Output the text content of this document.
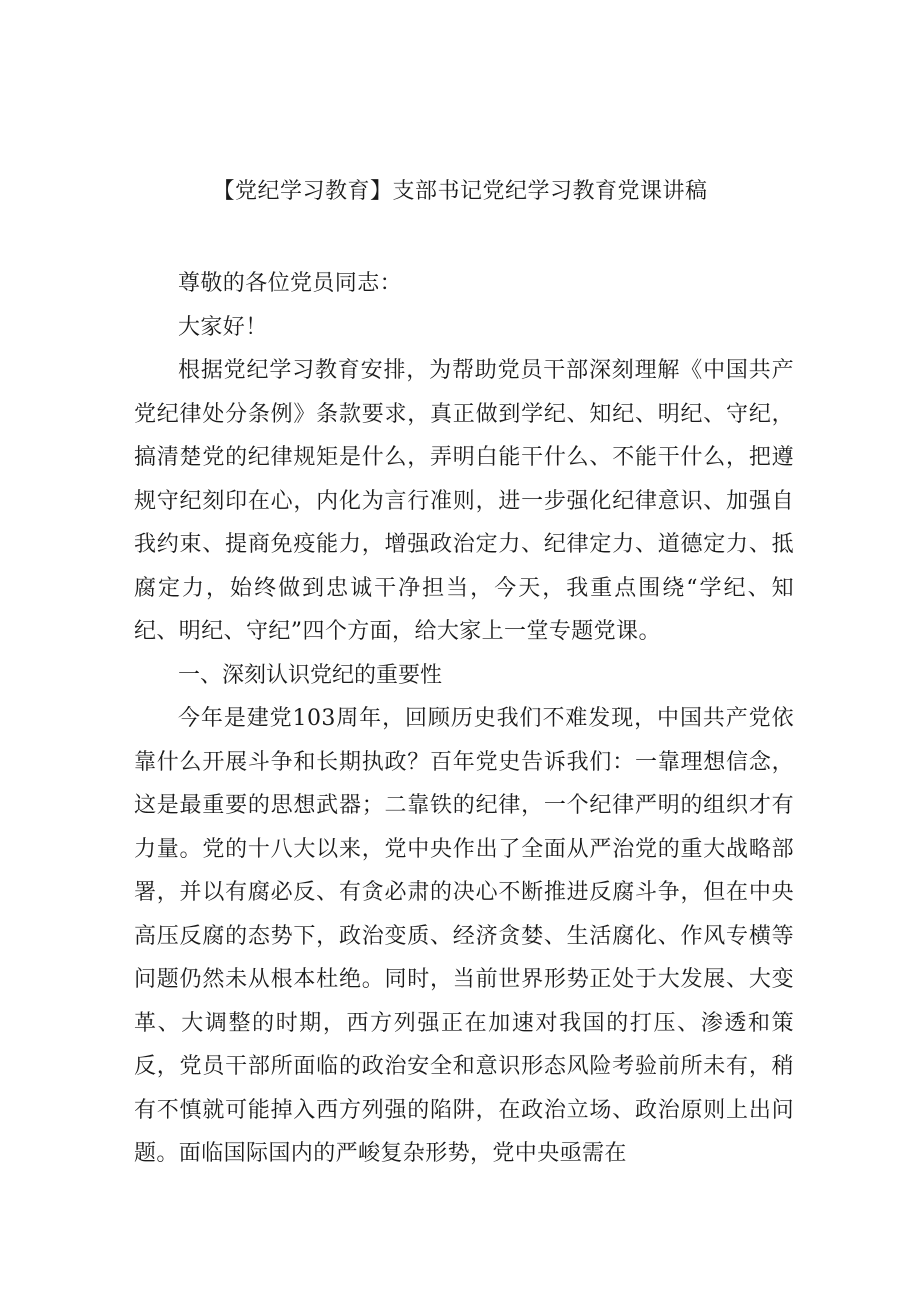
【党纪学习教育】支部书记党纪学习教育党课讲稿

尊敬的各位党员同志：

大家好！

根据党纪学习教育安排，为帮助党员干部深刻理解《中国共产党纪律处分条例》条款要求，真正做到学纪、知纪、明纪、守纪，搞清楚党的纪律规矩是什么，弄明白能干什么、不能干什么，把遵规守纪刻印在心，内化为言行准则，进一步强化纪律意识、加强自我约束、提商免疫能力，增强政治定力、纪律定力、道德定力、抵腐定力，始终做到忠诚干净担当，今天，我重点围绕“学纪、知纪、明纪、守纪”四个方面，给大家上一堂专题党课。

一、深刻认识党纪的重要性

今年是建党103周年，回顾历史我们不难发现，中国共产党依靠什么开展斗争和长期执政？百年党史告诉我们：一靠理想信念，这是最重要的思想武器；二靠铁的纪律，一个纪律严明的组织才有力量。党的十八大以来，党中央作出了全面从严治党的重大战略部署，并以有腐必反、有贪必肃的决心不断推进反腐斗争，但在中央高压反腐的态势下，政治变质、经济贪婪、生活腐化、作风专横等问题仍然未从根本杜绝。同时，当前世界形势正处于大发展、大变革、大调整的时期，西方列强正在加速对我国的打压、渗透和策反，党员干部所面临的政治安全和意识形态风险考验前所未有，稍有不慎就可能掉入西方列强的陷阱，在政治立场、政治原则上出问题。面临国际国内的严峻复杂形势，党中央亟需在
